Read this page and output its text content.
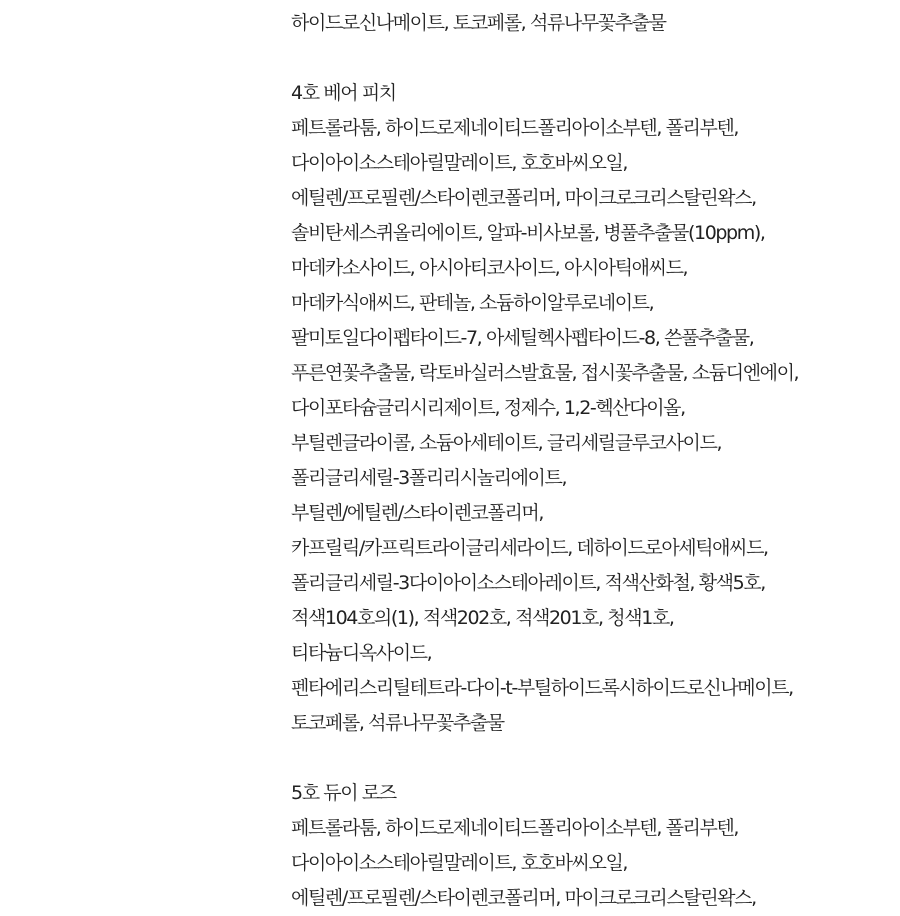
하이드로신나메이트, 토코페롤, 석류나무꽃추출물

4호 베어 피치

페트롤라툼, 하이드로제네이티드폴리아이소부텐, 폴리부텐,

다이아이소스테아릴말레이트, 호호바씨오일,

에틸렌/프로필렌/스타이렌코폴리머, 마이크로크리스탈린왁스,

솔비탄세스퀴올리에이트, 알파-비사보롤, 병풀추출물(10ppm),

마데카소사이드, 아시아티코사이드, 아시아틱애씨드,

마데카식애씨드, 판테놀, 소듐하이알루로네이트,

팔미토일다이펩타이드-7, 아세틸헥사펩타이드-8, 쓴풀추출물,

푸른연꽃추출물, 락토바실러스발효물, 접시꽃추출물, 소듐디엔에이,

다이포타슘글리시리제이트, 정제수, 1,2-헥산다이올,

부틸렌글라이콜, 소듐아세테이트, 글리세릴글루코사이드,

폴리글리세릴-3폴리리시놀리에이트,

부틸렌/에틸렌/스타이렌코폴리머,

카프릴릭/카프릭트라이글리세라이드, 데하이드로아세틱애씨드,

폴리글리세릴-3다이아이소스테아레이트, 적색산화철, 황색5호,

적색104호의(1), 적색202호, 적색201호, 청색1호,

티타늄디옥사이드,

펜타에리스리틸테트라-다이-t-부틸하이드록시하이드로신나메이트,

토코페롤, 석류나무꽃추출물

5호 듀이 로즈

페트롤라툼, 하이드로제네이티드폴리아이소부텐, 폴리부텐,

다이아이소스테아릴말레이트, 호호바씨오일,

에틸렌/프로필렌/스타이렌코폴리머, 마이크로크리스탈린왁스,
